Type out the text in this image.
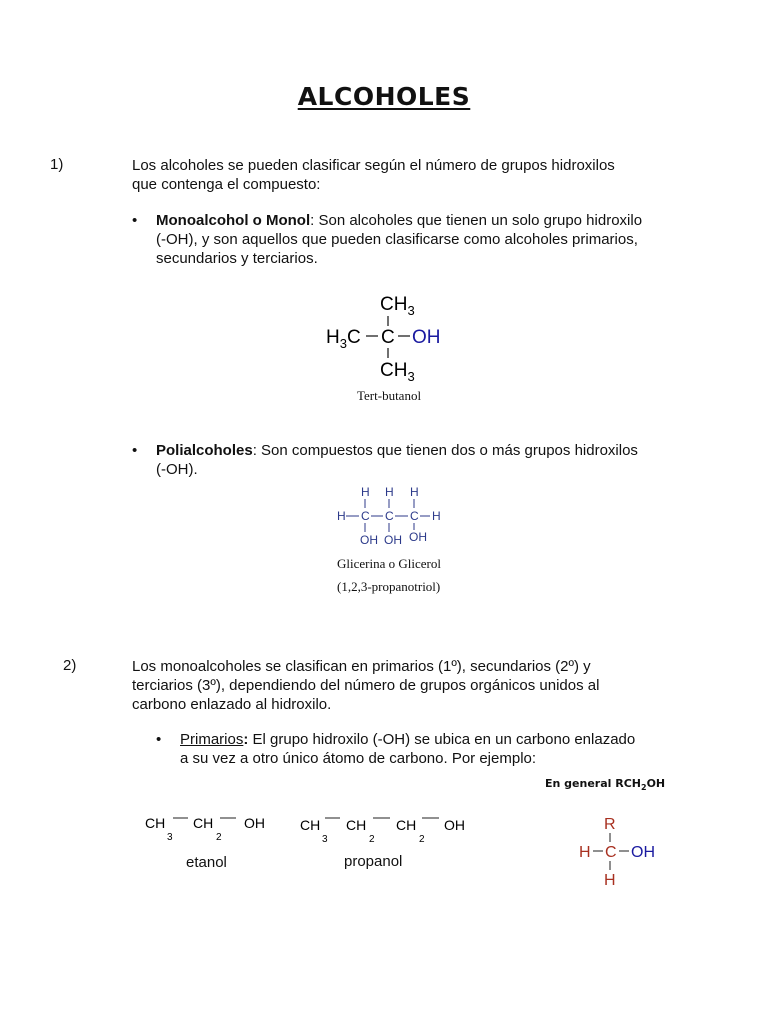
ALCOHOLES
1)	Los alcoholes se pueden clasificar según el número de grupos hidroxilos
que contenga el compuesto:
• Monoalcohol o Monol: Son alcoholes que tienen un solo grupo hidroxilo
(-OH), y son aquellos que pueden clasificarse como alcoholes primarios,
secundarios y terciarios.
$CH_3$
$H_3C$ C OH
$CH_3$
Tert-butanol
• Polialcoholes: Son compuestos que tienen dos o más grupos hidroxilos
(-OH).
H H H
H C C C H
OH OH OH
Glicerina o Glicerol
(1,2,3-propanotriol)
2)	Los monoalcoholes se clasifican en primarios (1º), secundarios (2º) y
terciarios (3º), dependiendo del número de grupos orgánicos unidos al
carbono enlazado al hidroxilo.
• Primarios: El grupo hidroxilo (-OH) se ubica en un carbono enlazado
a su vez a otro único átomo de carbono. Por ejemplo:
En general $RCH_2OH$
CH
3
CH
2
OH
etanol
CH
3
CH
2
CH
2
OH
propanol
R
H C OH
H
